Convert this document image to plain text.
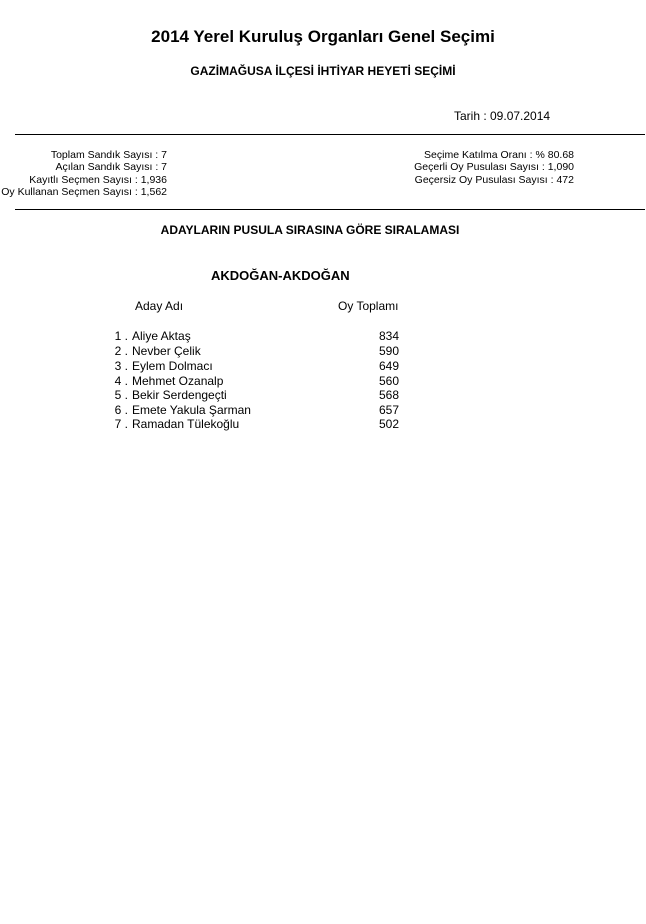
2014 Yerel Kuruluş Organları Genel Seçimi
GAZİMAĞUSA İLÇESİ İHTİYAR HEYETİ SEÇİMİ
Tarih : 09.07.2014
Toplam Sandık Sayısı : 7
Açılan Sandık Sayısı : 7
Kayıtlı Seçmen Sayısı : 1,936
Oy Kullanan Seçmen Sayısı : 1,562
Seçime Katılma Oranı : % 80.68
Geçerli Oy Pusulası Sayısı : 1,090
Geçersiz Oy Pusulası Sayısı : 472
ADAYLARIN PUSULA SIRASINA GÖRE SIRALAMASI
AKDOĞAN-AKDOĞAN
Aday Adı	Oy Toplamı
1 . Aliye Aktaş	834
2 . Nevber Çelik	590
3 . Eylem Dolmacı	649
4 . Mehmet Ozanalp	560
5 . Bekir Serdengeçti	568
6 . Emete Yakula Şarman	657
7 . Ramadan Tülekoğlu	502
